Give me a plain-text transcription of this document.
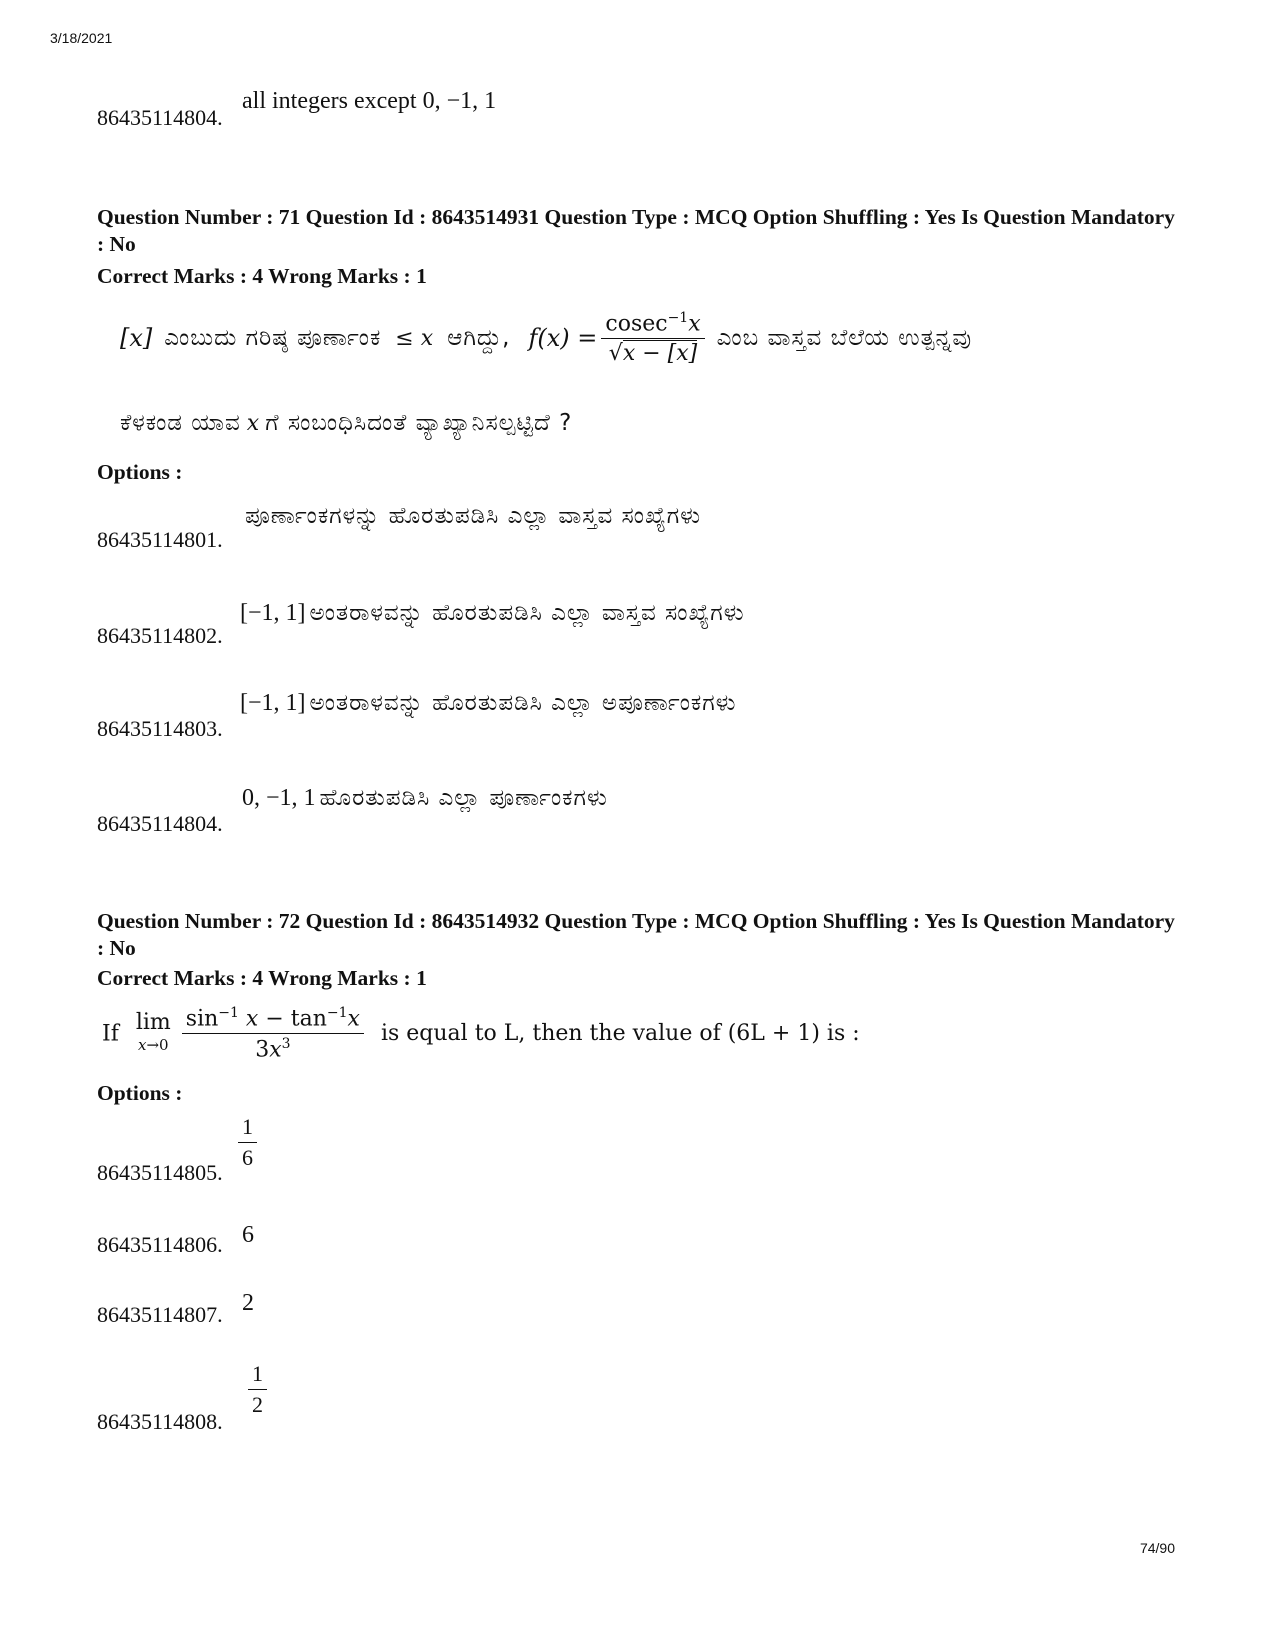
3/18/2021
86435114804.
all integers except 0, −1, 1
Question Number : 71 Question Id : 8643514931 Question Type : MCQ Option Shuffling : Yes Is Question Mandatory : No
Correct Marks : 4 Wrong Marks : 1
[x] ಎಂಬುದು ಗರಿಷ್ಠ ಪೂರ್ಣಾಂಕ ≤ x ಆಗಿದ್ದು, $f(x) = \frac{cosec^{-1}x}{√x - [x]}$ ಎಂಬ ವಾಸ್ತವ ಬೆಲೆಯ ಉತ್ಪನ್ನವು
ಕೆಳಕಂಡ ಯಾವ x ಗೆ ಸಂಬಂಧಿಸಿದಂತೆ ವ್ಯಾಖ್ಯಾನಿಸಲ್ಪಟ್ಟಿದೆ ?
Options :
86435114801.
ಪೂರ್ಣಾಂಕಗಳನ್ನು ಹೊರತುಪಡಿಸಿ ಎಲ್ಲಾ ವಾಸ್ತವ ಸಂಖ್ಯೆಗಳು
86435114802.
[−1, 1] ಅಂತರಾಳವನ್ನು ಹೊರತುಪಡಿಸಿ ಎಲ್ಲಾ ವಾಸ್ತವ ಸಂಖ್ಯೆಗಳು
86435114803.
[−1, 1] ಅಂತರಾಳವನ್ನು ಹೊರತುಪಡಿಸಿ ಎಲ್ಲಾ ಅಪೂರ್ಣಾಂಕಗಳು
86435114804.
0, −1, 1 ಹೊರತುಪಡಿಸಿ ಎಲ್ಲಾ ಪೂರ್ಣಾಂಕಗಳು
Question Number : 72 Question Id : 8643514932 Question Type : MCQ Option Shuffling : Yes Is Question Mandatory : No
Correct Marks : 4 Wrong Marks : 1
If lim
x→0
$\frac{\sin^{-1} x - \tan^{-1}x}{3x^3}$ is equal to L, then the value of (6L + 1) is :
Options :
86435114805.
$\frac{1}{6}$
86435114806. 6
86435114807. 2
86435114808.
$\frac{1}{2}$
74/90
